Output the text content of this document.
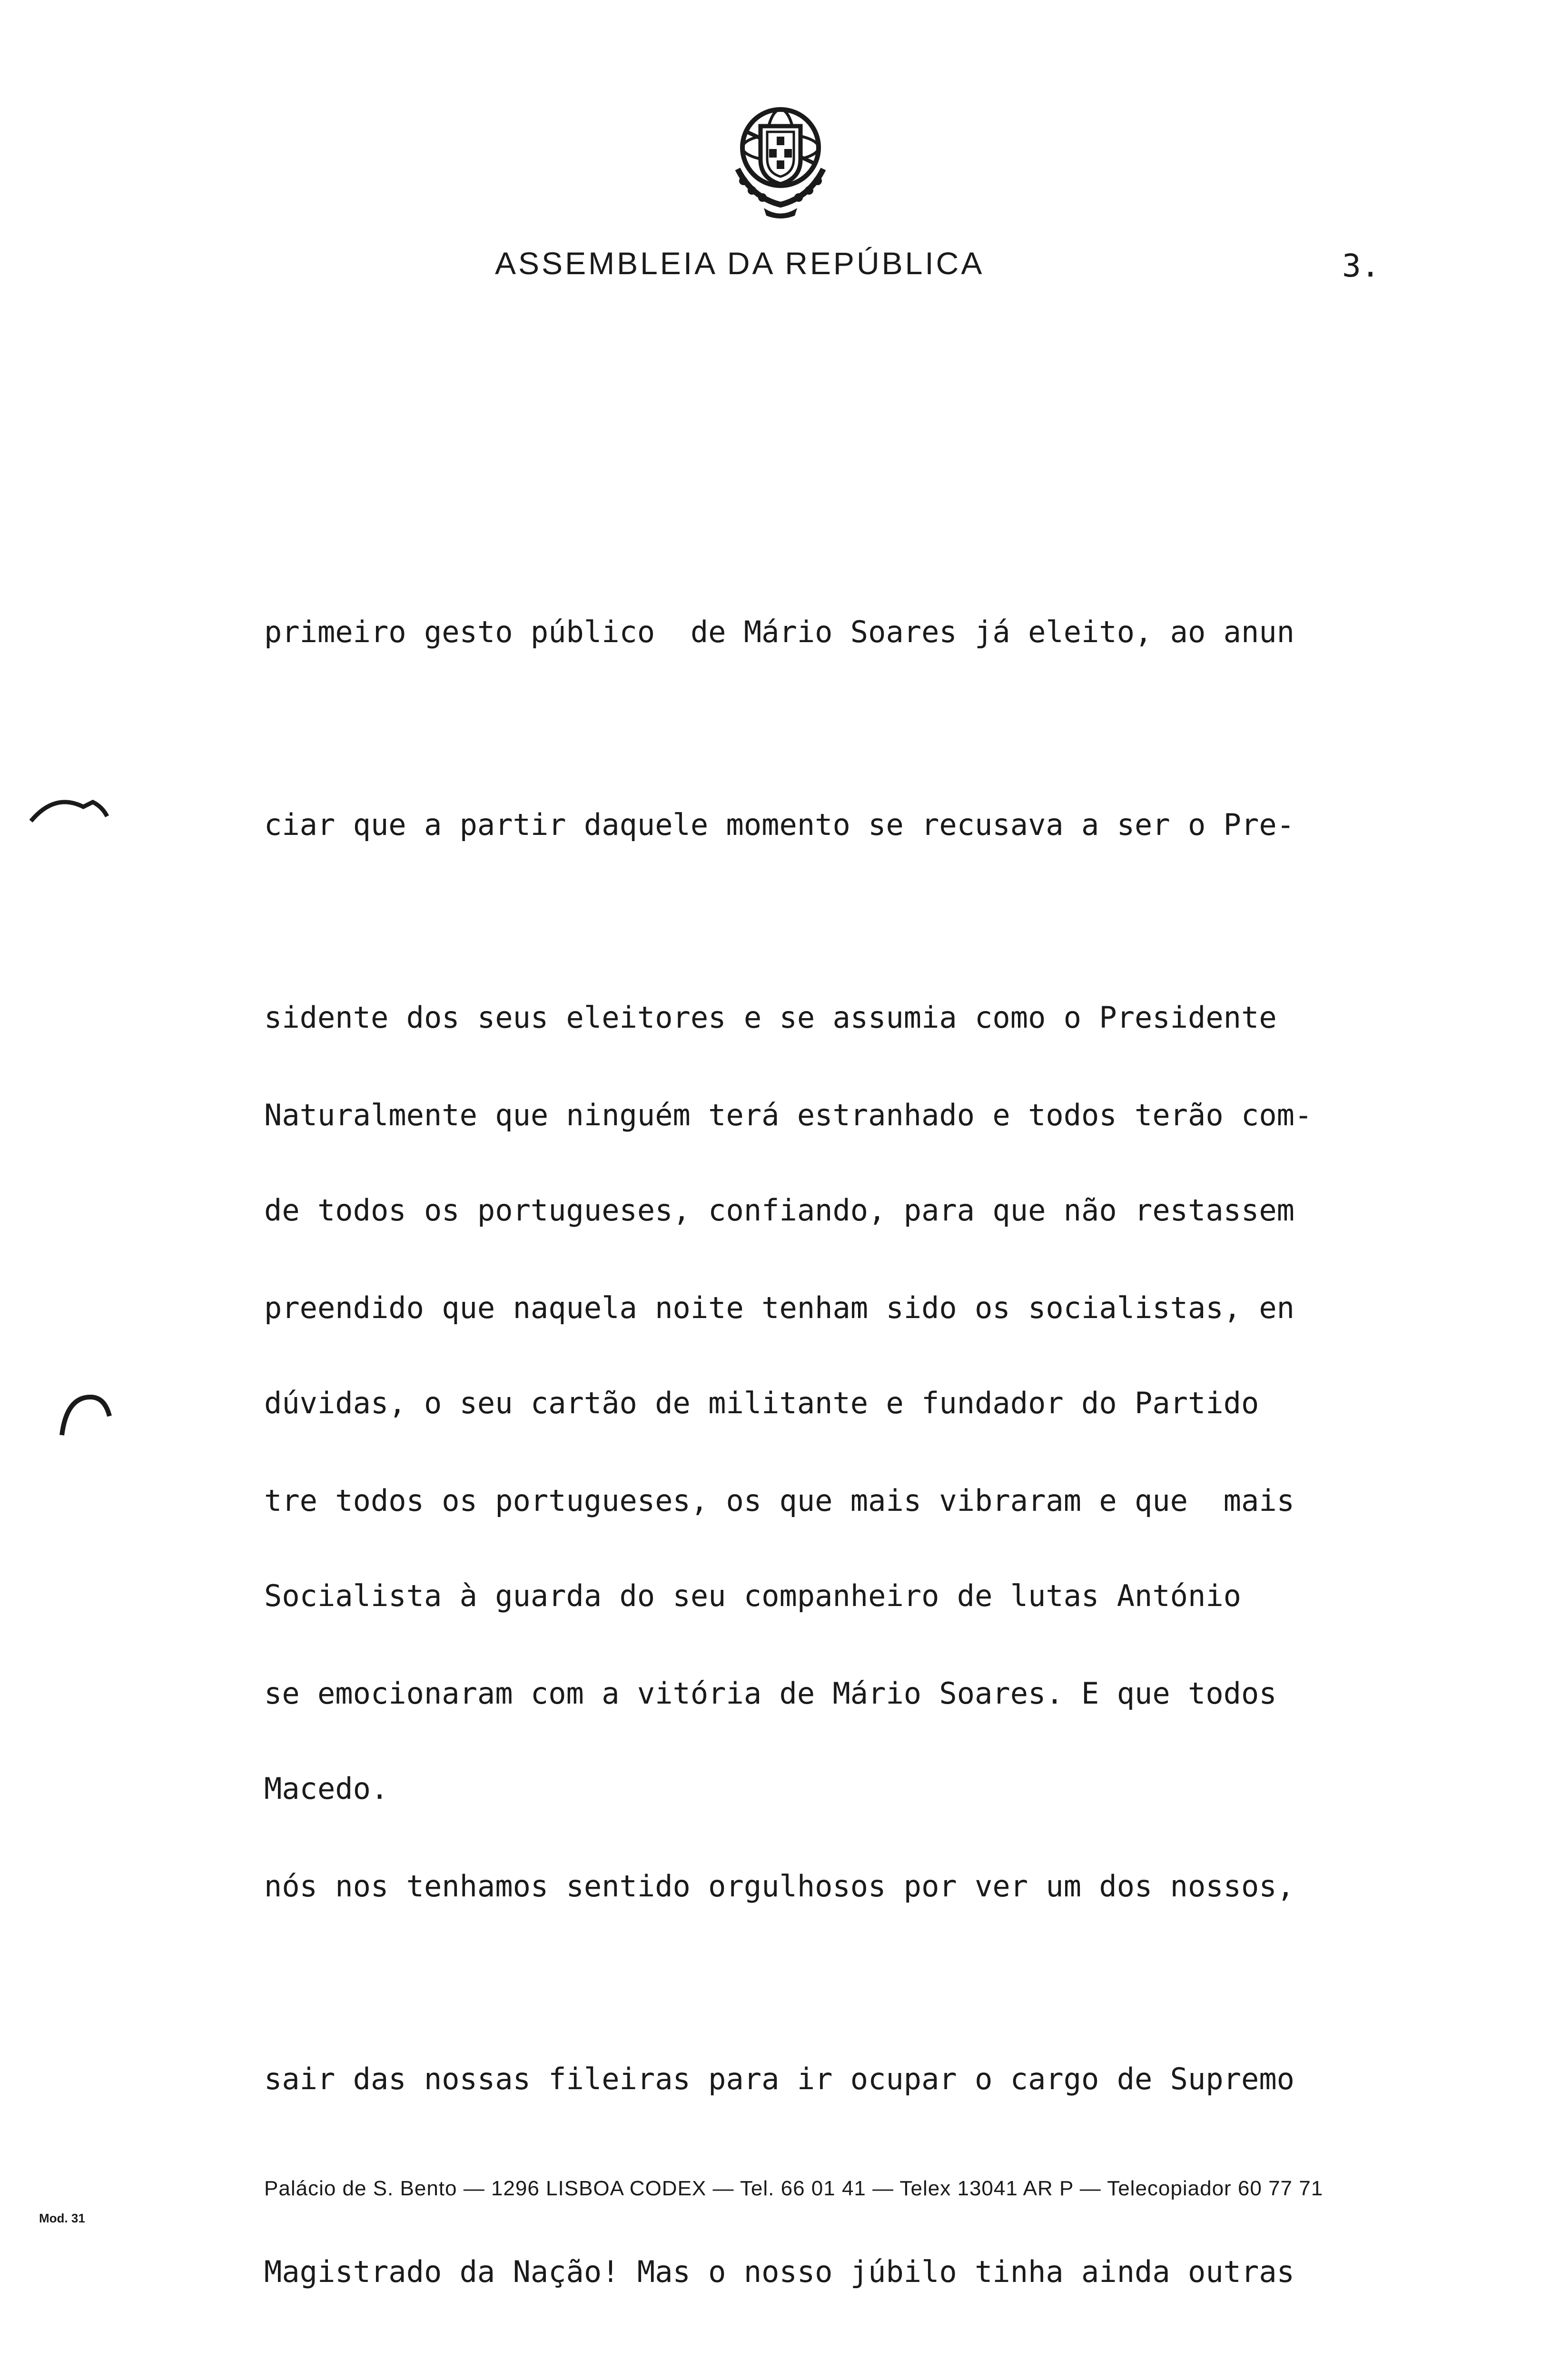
ASSEMBLEIA DA REPÚBLICA	3.

primeiro gesto público  de Mário Soares já eleito, ao anun

ciar que a partir daquele momento se recusava a ser o Pre-

sidente dos seus eleitores e se assumia como o Presidente

de todos os portugueses, confiando, para que não restassem

dúvidas, o seu cartão de militante e fundador do Partido

Socialista à guarda do seu companheiro de lutas António

Macedo.

Naturalmente que ninguém terá estranhado e todos terão com-

preendido que naquela noite tenham sido os socialistas, en

tre todos os portugueses, os que mais vibraram e que  mais

se emocionaram com a vitória de Mário Soares. E que todos

nós nos tenhamos sentido orgulhosos por ver um dos nossos,

sair das nossas fileiras para ir ocupar o cargo de Supremo

Magistrado da Nação! Mas o nosso júbilo tinha ainda outras

Palácio de S. Bento — 1296 LISBOA CODEX — Tel. 66 01 41 — Telex 13041 AR P — Telecopiador 60 77 71
Mod. 31
